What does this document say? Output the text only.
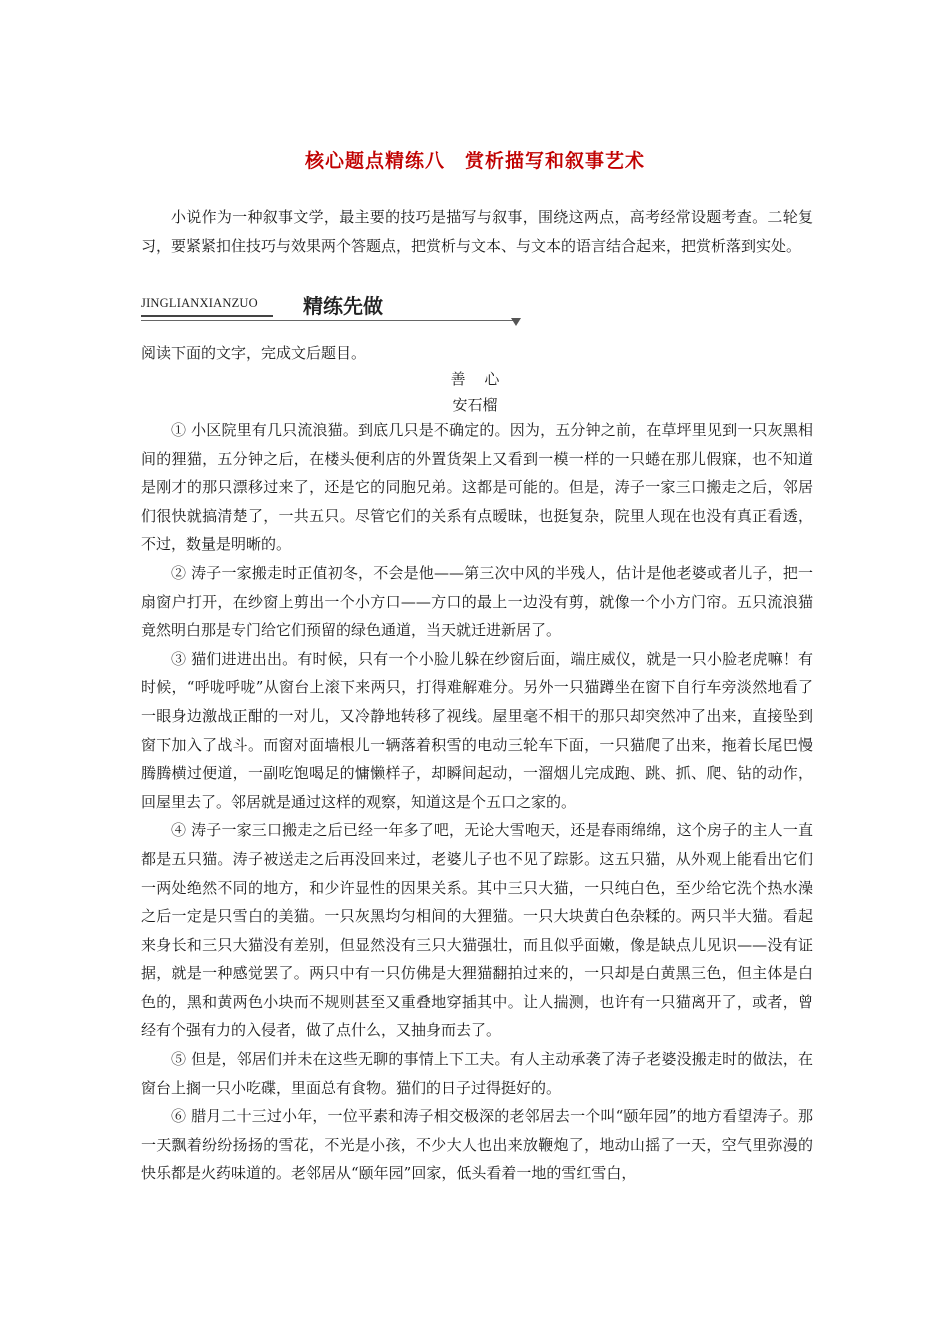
核心题点精练八　赏析描写和叙事艺术

小说作为一种叙事文学，最主要的技巧是描写与叙事，围绕这两点，高考经常设题考查。二轮复习，要紧紧扣住技巧与效果两个答题点，把赏析与文本、与文本的语言结合起来，把赏析落到实处。

JINGLIANXIANZUO 精练先做
阅读下面的文字，完成文后题目。
善 心
安石榴

① 小区院里有几只流浪猫。到底几只是不确定的。因为，五分钟之前，在草坪里见到一只灰黑相间的狸猫，五分钟之后，在楼头便利店的外置货架上又看到一模一样的一只蜷在那儿假寐，也不知道是刚才的那只漂移过来了，还是它的同胞兄弟。这都是可能的。但是，涛子一家三口搬走之后，邻居们很快就搞清楚了，一共五只。尽管它们的关系有点暧昧，也挺复杂，院里人现在也没有真正看透，不过，数量是明晰的。

② 涛子一家搬走时正值初冬，不会是他——第三次中风的半残人，估计是他老婆或者儿子，把一扇窗户打开，在纱窗上剪出一个小方口——方口的最上一边没有剪，就像一个小方门帘。五只流浪猫竟然明白那是专门给它们预留的绿色通道，当天就迁进新居了。

③ 猫们进进出出。有时候，只有一个小脸儿躲在纱窗后面，端庄威仪，就是一只小脸老虎嘛！有时候，“呼咙呼咙”从窗台上滚下来两只，打得难解难分。另外一只猫蹲坐在窗下自行车旁淡然地看了一眼身边激战正酣的一对儿，又冷静地转移了视线。屋里毫不相干的那只却突然冲了出来，直接坠到窗下加入了战斗。而窗对面墙根儿一辆落着积雪的电动三轮车下面，一只猫爬了出来，拖着长尾巴慢腾腾横过便道，一副吃饱喝足的慵懒样子，却瞬间起动，一溜烟儿完成跑、跳、抓、爬、钻的动作，回屋里去了。邻居就是通过这样的观察，知道这是个五口之家的。

④ 涛子一家三口搬走之后已经一年多了吧，无论大雪咆天，还是春雨绵绵，这个房子的主人一直都是五只猫。涛子被送走之后再没回来过，老婆儿子也不见了踪影。这五只猫，从外观上能看出它们一两处绝然不同的地方，和少许显性的因果关系。其中三只大猫，一只纯白色，至少给它洗个热水澡之后一定是只雪白的美猫。一只灰黑均匀相间的大狸猫。一只大块黄白色杂糅的。两只半大猫。看起来身长和三只大猫没有差别，但显然没有三只大猫强壮，而且似乎面嫩，像是缺点儿见识——没有证据，就是一种感觉罢了。两只中有一只仿佛是大狸猫翻拍过来的，一只却是白黄黑三色，但主体是白色的，黑和黄两色小块而不规则甚至又重叠地穿插其中。让人揣测，也许有一只猫离开了，或者，曾经有个强有力的入侵者，做了点什么，又抽身而去了。

⑤ 但是，邻居们并未在这些无聊的事情上下工夫。有人主动承袭了涛子老婆没搬走时的做法，在窗台上搁一只小吃碟，里面总有食物。猫们的日子过得挺好的。

⑥ 腊月二十三过小年，一位平素和涛子相交极深的老邻居去一个叫“颐年园”的地方看望涛子。那一天飘着纷纷扬扬的雪花，不光是小孩，不少大人也出来放鞭炮了，地动山摇了一天，空气里弥漫的快乐都是火药味道的。老邻居从“颐年园”回家，低头看着一地的雪红雪白，
